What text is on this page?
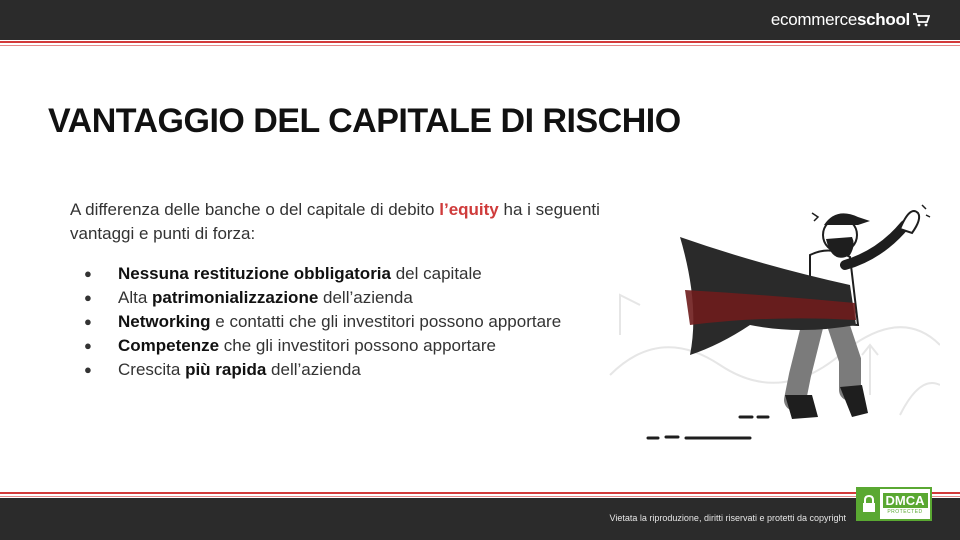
ecommerce school
VANTAGGIO DEL CAPITALE DI RISCHIO

A differenza delle banche o del capitale di debito l’equity ha i seguenti vantaggi e punti di forza:

● Nessuna restituzione obbligatoria del capitale
● Alta patrimonializzazione dell’azienda
● Networking e contatti che gli investitori possono apportare
● Competenze che gli investitori possono apportare
● Crescita più rapida dell’azienda
Vietata la riproduzione, diritti riservati e protetti da copyright
DMCA
PROTECTED
